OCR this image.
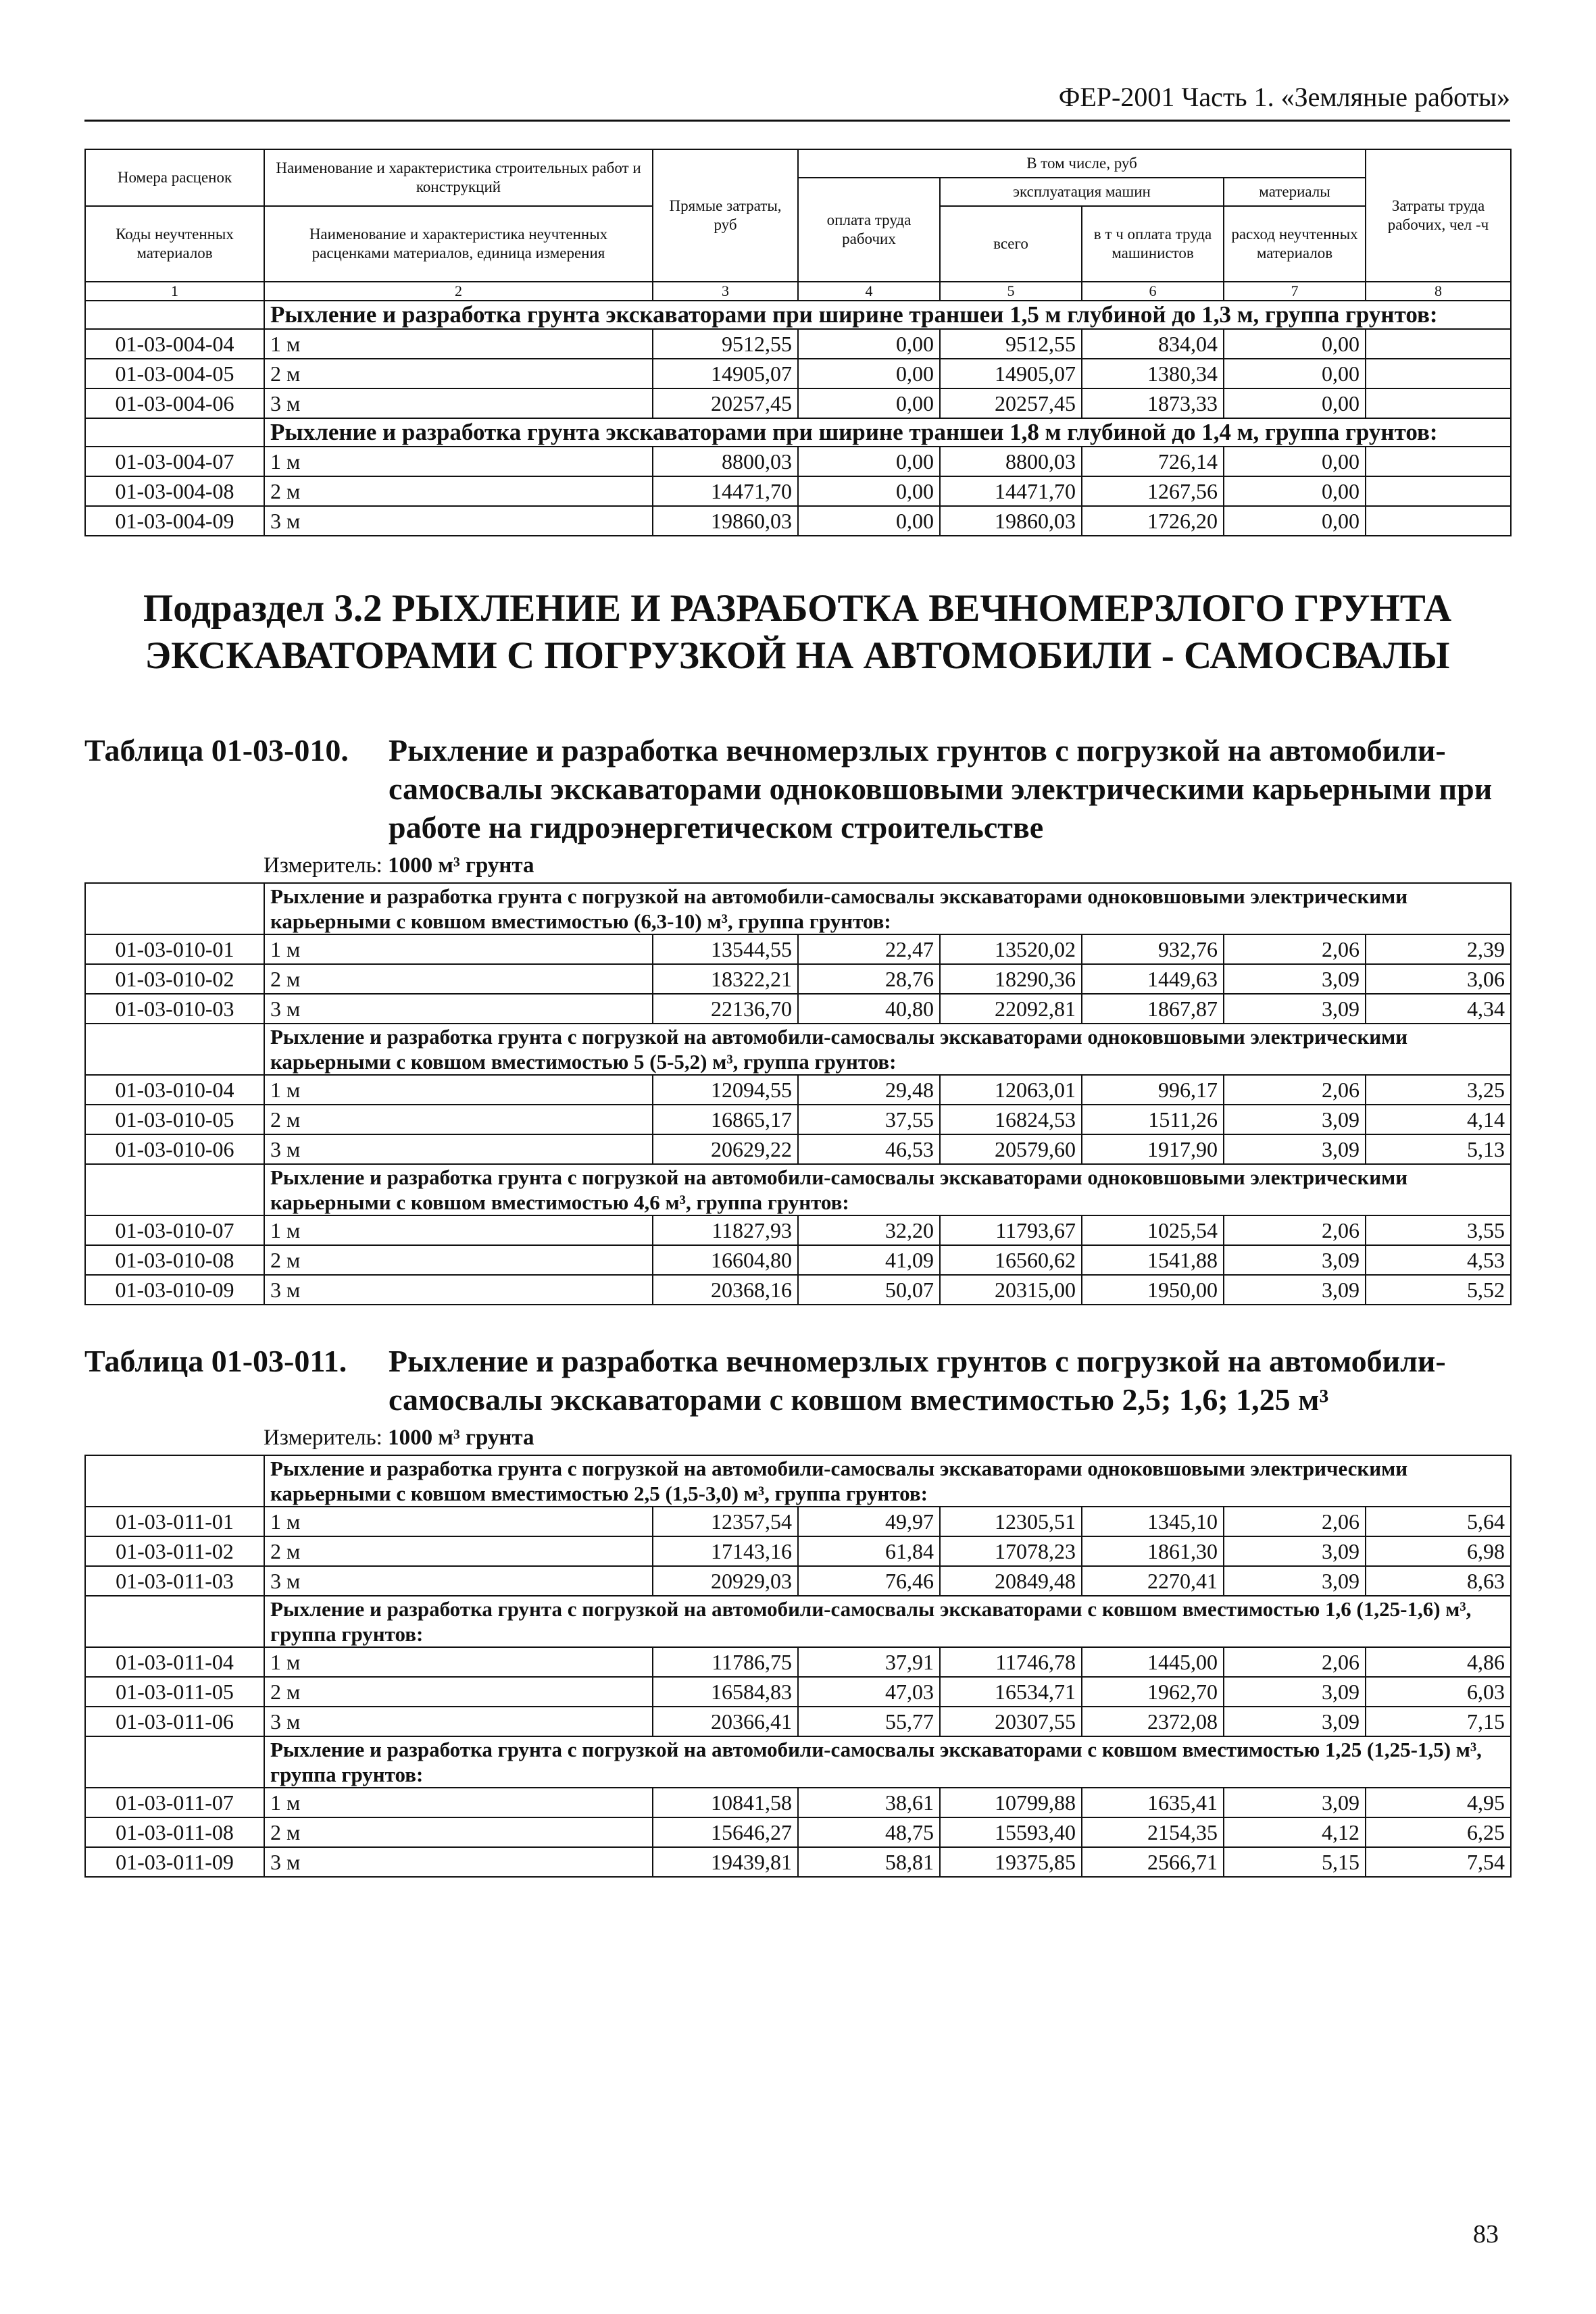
ФЕР-2001 Часть 1. «Земляные работы»
Номера расценок	Наименование и характеристика строительных работ и конструкций	Прямые затраты, руб	В том числе, руб				Затраты труда рабочих, чел -ч
			оплата труда рабочих	эксплуатация машин		материалы	
Коды неучтенных материалов	Наименование и характеристика неучтенных расценками материалов, единица измерения			всего	в т ч оплата труда машинистов	расход неучтенных материалов	

1	2	3	4	5	6	7	8
	Рыхление и разработка грунта экскаваторами при ширине траншеи 1,5 м глубиной до 1,3 м, группа грунтов:						
01-03-004-04	1 м	9512,55	0,00	9512,55	834,04	0,00	
01-03-004-05	2 м	14905,07	0,00	14905,07	1380,34	0,00	
01-03-004-06	3 м	20257,45	0,00	20257,45	1873,33	0,00	
	Рыхление и разработка грунта экскаваторами при ширине траншеи 1,8 м глубиной до 1,4 м, группа грунтов:						
01-03-004-07	1 м	8800,03	0,00	8800,03	726,14	0,00	
01-03-004-08	2 м	14471,70	0,00	14471,70	1267,56	0,00	
01-03-004-09	3 м	19860,03	0,00	19860,03	1726,20	0,00	
Подраздел 3.2 РЫХЛЕНИЕ И РАЗРАБОТКА ВЕЧНОМЕРЗЛОГО ГРУНТА
ЭКСКАВАТОРАМИ С ПОГРУЗКОЙ НА АВТОМОБИЛИ - САМОСВАЛЫ
Таблица 01-03-010.	Рыхление и разработка вечномерзлых грунтов с погрузкой на автомобили-самосвалы экскаваторами одноковшовыми электрическими карьерными при работе на гидроэнергетическом строительстве
Измеритель: 1000 м³ грунта
	Рыхление и разработка грунта с погрузкой на автомобили-самосвалы экскаваторами одноковшовыми электрическими карьерными с ковшом вместимостью (6,3-10) м³, группа грунтов:						
01-03-010-01	1 м	13544,55	22,47	13520,02	932,76	2,06	2,39
01-03-010-02	2 м	18322,21	28,76	18290,36	1449,63	3,09	3,06
01-03-010-03	3 м	22136,70	40,80	22092,81	1867,87	3,09	4,34
	Рыхление и разработка грунта с погрузкой на автомобили-самосвалы экскаваторами одноковшовыми электрическими карьерными с ковшом вместимостью 5 (5-5,2) м³, группа грунтов:						
01-03-010-04	1 м	12094,55	29,48	12063,01	996,17	2,06	3,25
01-03-010-05	2 м	16865,17	37,55	16824,53	1511,26	3,09	4,14
01-03-010-06	3 м	20629,22	46,53	20579,60	1917,90	3,09	5,13
	Рыхление и разработка грунта с погрузкой на автомобили-самосвалы экскаваторами одноковшовыми электрическими карьерными с ковшом вместимостью 4,6 м³, группа грунтов:						
01-03-010-07	1 м	11827,93	32,20	11793,67	1025,54	2,06	3,55
01-03-010-08	2 м	16604,80	41,09	16560,62	1541,88	3,09	4,53
01-03-010-09	3 м	20368,16	50,07	20315,00	1950,00	3,09	5,52
Таблица 01-03-011.	Рыхление и разработка вечномерзлых грунтов с погрузкой на автомобили-самосвалы экскаваторами с ковшом вместимостью 2,5; 1,6; 1,25 м³
Измеритель: 1000 м³ грунта
	Рыхление и разработка грунта с погрузкой на автомобили-самосвалы экскаваторами одноковшовыми электрическими карьерными с ковшом вместимостью 2,5 (1,5-3,0) м³, группа грунтов:						
01-03-011-01	1 м	12357,54	49,97	12305,51	1345,10	2,06	5,64
01-03-011-02	2 м	17143,16	61,84	17078,23	1861,30	3,09	6,98
01-03-011-03	3 м	20929,03	76,46	20849,48	2270,41	3,09	8,63
	Рыхление и разработка грунта с погрузкой на автомобили-самосвалы экскаваторами с ковшом вместимостью 1,6 (1,25-1,6) м³, группа грунтов:						
01-03-011-04	1 м	11786,75	37,91	11746,78	1445,00	2,06	4,86
01-03-011-05	2 м	16584,83	47,03	16534,71	1962,70	3,09	6,03
01-03-011-06	3 м	20366,41	55,77	20307,55	2372,08	3,09	7,15
	Рыхление и разработка грунта с погрузкой на автомобили-самосвалы экскаваторами с ковшом вместимостью 1,25 (1,25-1,5) м³, группа грунтов:						
01-03-011-07	1 м	10841,58	38,61	10799,88	1635,41	3,09	4,95
01-03-011-08	2 м	15646,27	48,75	15593,40	2154,35	4,12	6,25
01-03-011-09	3 м	19439,81	58,81	19375,85	2566,71	5,15	7,54
83
